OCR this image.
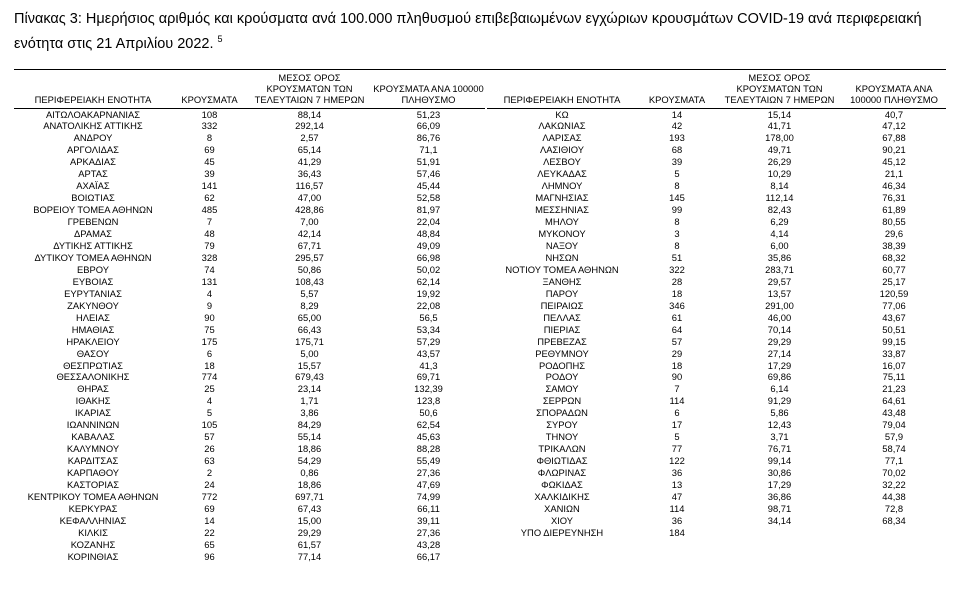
Πίνακας 3: Ημερήσιος αριθμός και κρούσματα ανά 100.000 πληθυσμού επιβεβαιωμένων εγχώριων κρουσμάτων COVID-19 ανά περιφερειακή ενότητα στις 21 Απριλίου 2022. $^5$
ΠΕΡΙΦΕΡΕΙΑΚΗ ΕΝΟΤΗΤΑ	ΚΡΟΥΣΜΑΤΑ	ΜΕΣΟΣ ΟΡΟΣ ΚΡΟΥΣΜΑΤΩΝ ΤΩΝ ΤΕΛΕΥΤΑΙΩΝ 7 ΗΜΕΡΩΝ	ΚΡΟΥΣΜΑΤΑ ΑΝΑ 100000 ΠΛΗΘΥΣΜΟ
ΑΙΤΩΛΟΑΚΑΡΝΑΝΙΑΣ	108	88,14	51,23
ΑΝΑΤΟΛΙΚΗΣ ΑΤΤΙΚΗΣ	332	292,14	66,09
ΑΝΔΡΟΥ	8	2,57	86,76
ΑΡΓΟΛΙΔΑΣ	69	65,14	71,1
ΑΡΚΑΔΙΑΣ	45	41,29	51,91
ΑΡΤΑΣ	39	36,43	57,46
ΑΧΑΪΑΣ	141	116,57	45,44
ΒΟΙΩΤΙΑΣ	62	47,00	52,58
ΒΟΡΕΙΟΥ ΤΟΜΕΑ ΑΘΗΝΩΝ	485	428,86	81,97
ΓΡΕΒΕΝΩΝ	7	7,00	22,04
ΔΡΑΜΑΣ	48	42,14	48,84
ΔΥΤΙΚΗΣ ΑΤΤΙΚΗΣ	79	67,71	49,09
ΔΥΤΙΚΟΥ ΤΟΜΕΑ ΑΘΗΝΩΝ	328	295,57	66,98
ΕΒΡΟΥ	74	50,86	50,02
ΕΥΒΟΙΑΣ	131	108,43	62,14
ΕΥΡΥΤΑΝΙΑΣ	4	5,57	19,92
ΖΑΚΥΝΘΟΥ	9	8,29	22,08
ΗΛΕΙΑΣ	90	65,00	56,5
ΗΜΑΘΙΑΣ	75	66,43	53,34
ΗΡΑΚΛΕΙΟΥ	175	175,71	57,29
ΘΑΣΟΥ	6	5,00	43,57
ΘΕΣΠΡΩΤΙΑΣ	18	15,57	41,3
ΘΕΣΣΑΛΟΝΙΚΗΣ	774	679,43	69,71
ΘΗΡΑΣ	25	23,14	132,39
ΙΘΑΚΗΣ	4	1,71	123,8
ΙΚΑΡΙΑΣ	5	3,86	50,6
ΙΩΑΝΝΙΝΩΝ	105	84,29	62,54
ΚΑΒΑΛΑΣ	57	55,14	45,63
ΚΑΛΥΜΝΟΥ	26	18,86	88,28
ΚΑΡΔΙΤΣΑΣ	63	54,29	55,49
ΚΑΡΠΑΘΟΥ	2	0,86	27,36
ΚΑΣΤΟΡΙΑΣ	24	18,86	47,69
ΚΕΝΤΡΙΚΟΥ ΤΟΜΕΑ ΑΘΗΝΩΝ	772	697,71	74,99
ΚΕΡΚΥΡΑΣ	69	67,43	66,11
ΚΕΦΑΛΛΗΝΙΑΣ	14	15,00	39,11
ΚΙΛΚΙΣ	22	29,29	27,36
ΚΟΖΑΝΗΣ	65	61,57	43,28
ΚΟΡΙΝΘΙΑΣ	96	77,14	66,17
ΠΕΡΙΦΕΡΕΙΑΚΗ ΕΝΟΤΗΤΑ	ΚΡΟΥΣΜΑΤΑ	ΜΕΣΟΣ ΟΡΟΣ ΚΡΟΥΣΜΑΤΩΝ ΤΩΝ ΤΕΛΕΥΤΑΙΩΝ 7 ΗΜΕΡΩΝ	ΚΡΟΥΣΜΑΤΑ ΑΝΑ 100000 ΠΛΗΘΥΣΜΟ
ΚΩ	14	15,14	40,7
ΛΑΚΩΝΙΑΣ	42	41,71	47,12
ΛΑΡΙΣΑΣ	193	178,00	67,88
ΛΑΣΙΘΙΟΥ	68	49,71	90,21
ΛΕΣΒΟΥ	39	26,29	45,12
ΛΕΥΚΑΔΑΣ	5	10,29	21,1
ΛΗΜΝΟΥ	8	8,14	46,34
ΜΑΓΝΗΣΙΑΣ	145	112,14	76,31
ΜΕΣΣΗΝΙΑΣ	99	82,43	61,89
ΜΗΛΟΥ	8	6,29	80,55
ΜΥΚΟΝΟΥ	3	4,14	29,6
ΝΑΞΟΥ	8	6,00	38,39
ΝΗΣΩΝ	51	35,86	68,32
ΝΟΤΙΟΥ ΤΟΜΕΑ ΑΘΗΝΩΝ	322	283,71	60,77
ΞΑΝΘΗΣ	28	29,57	25,17
ΠΑΡΟΥ	18	13,57	120,59
ΠΕΙΡΑΙΩΣ	346	291,00	77,06
ΠΕΛΛΑΣ	61	46,00	43,67
ΠΙΕΡΙΑΣ	64	70,14	50,51
ΠΡΕΒΕΖΑΣ	57	29,29	99,15
ΡΕΘΥΜΝΟΥ	29	27,14	33,87
ΡΟΔΟΠΗΣ	18	17,29	16,07
ΡΟΔΟΥ	90	69,86	75,11
ΣΑΜΟΥ	7	6,14	21,23
ΣΕΡΡΩΝ	114	91,29	64,61
ΣΠΟΡΑΔΩΝ	6	5,86	43,48
ΣΥΡΟΥ	17	12,43	79,04
ΤΗΝΟΥ	5	3,71	57,9
ΤΡΙΚΑΛΩΝ	77	76,71	58,74
ΦΘΙΩΤΙΔΑΣ	122	99,14	77,1
ΦΛΩΡΙΝΑΣ	36	30,86	70,02
ΦΩΚΙΔΑΣ	13	17,29	32,22
ΧΑΛΚΙΔΙΚΗΣ	47	36,86	44,38
ΧΑΝΙΩΝ	114	98,71	72,8
ΧΙΟΥ	36	34,14	68,34
ΥΠΟ ΔΙΕΡΕΥΝΗΣΗ	184		
